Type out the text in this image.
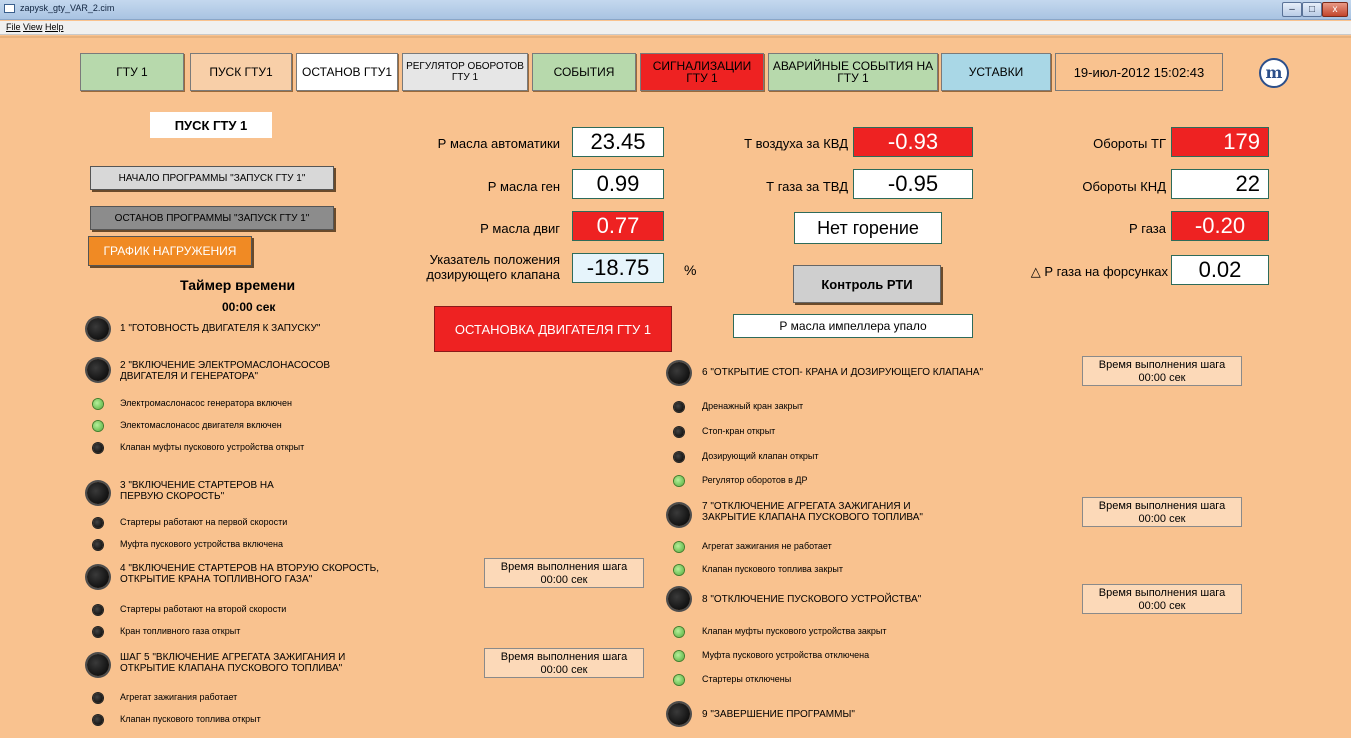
zapysk_gty_VAR_2.cim	–	□	x
File View Help
ГТУ 1	ПУСК ГТУ1	ОСТАНОВ ГТУ1	РЕГУЛЯТОР ОБОРОТОВ ГТУ 1	СОБЫТИЯ	СИГНАЛИЗАЦИИ ГТУ 1
АВАРИЙНЫЕ СОБЫТИЯ НА ГТУ 1	УСТАВКИ	19-июл-2012 15:02:43	m
ПУСК ГТУ 1
НАЧАЛО ПРОГРАММЫ "ЗАПУСК ГТУ 1"
ОСТАНОВ ПРОГРАММЫ "ЗАПУСК ГТУ 1"
ГРАФИК НАГРУЖЕНИЯ
Таймер времени
00:00 сек
Р масла автоматики	23.45
Р масла ген	0.99
Р масла двиг	0.77
Указатель положения дозирующего клапана	-18.75	%
Т воздуха за КВД	-0.93
Т газа за ТВД	-0.95
Нет горение
Контроль РТИ
Р масла импеллера упало
Обороты ТГ	179
Обороты КНД	22
Р газа	-0.20
△ Р газа на форсунках	0.02
ОСТАНОВКА ДВИГАТЕЛЯ ГТУ 1
1 "ГОТОВНОСТЬ ДВИГАТЕЛЯ К ЗАПУСКУ"
2 "ВКЛЮЧЕНИЕ ЭЛЕКТРОМАСЛОНАСОСОВ
ДВИГАТЕЛЯ И ГЕНЕРАТОРА"
Электромаслонасос генератора включен
Электомаслонасос двигателя включен
Клапан муфты пускового устройства открыт
3 "ВКЛЮЧЕНИЕ СТАРТЕРОВ НА
ПЕРВУЮ СКОРОСТЬ"
Стартеры работают на первой скорости
Муфта пускового устройства включена
4 "ВКЛЮЧЕНИЕ СТАРТЕРОВ НА ВТОРУЮ СКОРОСТЬ,
ОТКРЫТИЕ КРАНА ТОПЛИВНОГО ГАЗА"
Время выполнения шага
00:00 сек
Стартеры работают на второй скорости
Кран топливного газа открыт
ШАГ 5 "ВКЛЮЧЕНИЕ АГРЕГАТА ЗАЖИГАНИЯ И
ОТКРЫТИЕ КЛАПАНА ПУСКОВОГО ТОПЛИВА"
Время выполнения шага
00:00 сек
Агрегат зажигания работает
Клапан пускового топлива открыт
6 "ОТКРЫТИЕ СТОП- КРАНА И ДОЗИРУЮЩЕГО КЛАПАНА"
Время выполнения шага
00:00 сек
Дренажный кран закрыт
Стоп-кран открыт
Дозирующий клапан открыт
Регулятор оборотов в ДР
7 "ОТКЛЮЧЕНИЕ АГРЕГАТА ЗАЖИГАНИЯ И
ЗАКРЫТИЕ КЛАПАНА ПУСКОВОГО ТОПЛИВА"
Время выполнения шага
00:00 сек
Агрегат зажигания не работает
Клапан пускового топлива закрыт
8 "ОТКЛЮЧЕНИЕ ПУСКОВОГО УСТРОЙСТВА"
Время выполнения шага
00:00 сек
Клапан муфты пускового устройства закрыт
Муфта пускового устройства отключена
Стартеры отключены
9 "ЗАВЕРШЕНИЕ ПРОГРАММЫ"
